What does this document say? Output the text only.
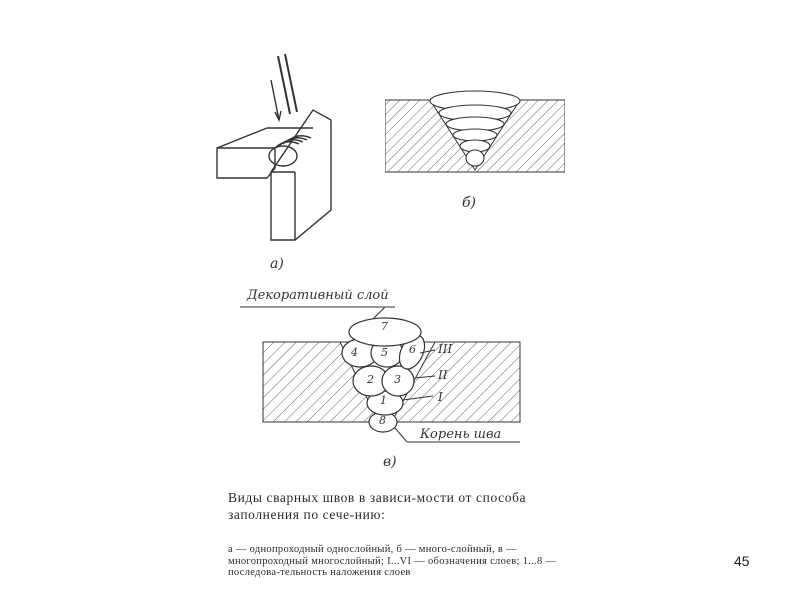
а)
б)
Декоративный слой
Корень шва
в)
1
2 3
4 5 6
7
8
III
II
I
Виды сварных швов в зависи-мости от способа заполнения по сече-нию:
а — однопроходный однослойный, б — много-слойный, в — многопроходный многослойный; I...VI — обозначения слоев; 1...8 — последова-тельность наложения слоев
45
